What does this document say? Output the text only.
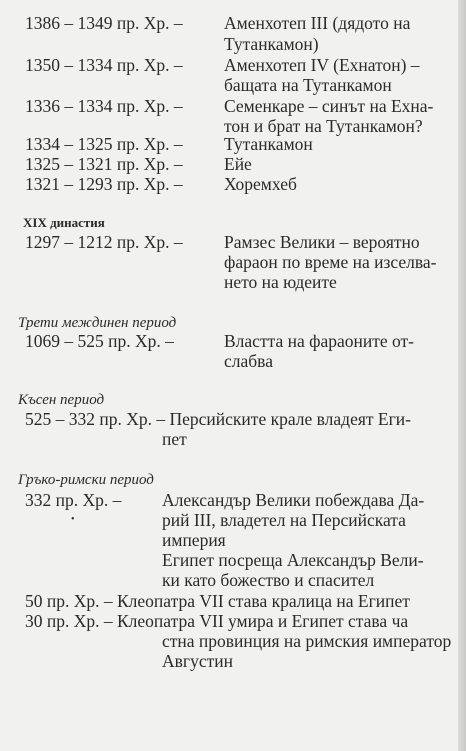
1386 – 1349 пр. Хр. – Аменхотеп III (дядото на
Тутанкамон)
1350 – 1334 пр. Хр. – Аменхотеп IV (Ехнатон) –
бащата на Тутанкамон
1336 – 1334 пр. Хр. – Семенкаре – синът на Ехна-
тон и брат на Тутанкамон?
1334 – 1325 пр. Хр. – Тутанкамон
1325 – 1321 пр. Хр. – Ейе
1321 – 1293 пр. Хр. – Хоремхеб
XIX династия
1297 – 1212 пр. Хр. – Рамзес Велики – вероятно
фараон по време на изселва-
нето на юдеите
Трети междинен период
1069 – 525 пр. Хр. –	Властта на фараоните от-
слабва
Късен период
525 – 332 пр. Хр. – Персийските крале владеят Еги-
пет
Гръко-римски период
332 пр. Хр. –
•
Александър Велики побеждава Да-
рий III, владетел на Персийската
империя
Египет посреща Александър Вели-
ки като божество и спасител
50 пр. Хр. – Клеопатра VII става кралица на Египет
30 пр. Хр. – Клеопатра VII умира и Египет става ча
стна провинция на римския император
Августин
